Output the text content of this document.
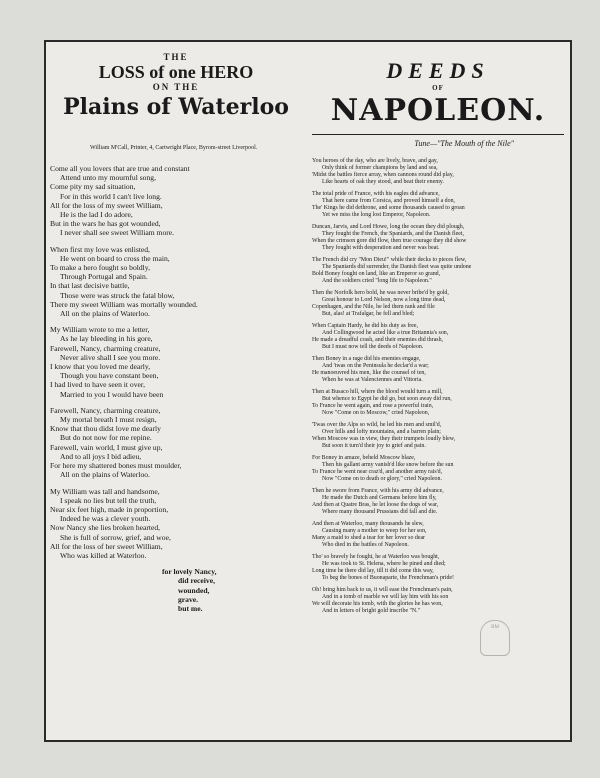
THE

LOSS of one HERO

ON THE

Plains of Waterloo

William M'Call, Printer, 4, Cartwright Place, Byrom-street Liverpool.

Come all you lovers that are true and constant

Attend unto my mournful song,

Come pity my sad situation,

For in this world I can't live long.

All for the loss of my sweet William,

He is the lad I do adore,

But in the wars he has got wounded,

I never shall see sweet William more.

When first my love was enlisted,

He went on board to cross the main,

To make a hero fought so boldly,

Through Portugal and Spain.

In that last decisive battle,

Those were was struck the fatal blow,

There my sweet William was mortally wounded.

All on the plains of Waterloo.

My William wrote to me a letter,

As he lay bleeding in his gore,

Farewell, Nancy, charming creature,

Never alive shall I see you more.

I know that you loved me dearly,

Though you have constant been,

I had lived to have seen it over,

Married to you I would have been

Farewell, Nancy, charming creature,

My mortal breath I must resign,

Know that thou didst love me dearly

But do not now for me repine.

Farewell, vain world, I must give up,

And to all joys I bid adieu,

For here my shattered bones must moulder,

All on the plains of Waterloo.

My William was tall and handsome,

I speak no lies but tell the truth,

Near six feet high, made in proportion,

Indeed he was a clever youth.

Now Nancy she lies broken hearted,

She is full of sorrow, grief, and woe,

All for the loss of her sweet William,

Who was killed at Waterloo.

for lovely Nancy,
did receive,
wounded,
grave.
but me.

DEEDS

OF

NAPOLEON.

Tune—"The Mouth of the Nile"

You heroes of the day, who are lively, brave, and gay,

Only think of former champions by land and sea,

'Midst the battles fierce array, when cannons round did play,

Like hearts of oak they stood, and beat their enemy.

The total pride of France, with his eagles did advance,

That here came from Corsica, and proved himself a don,

The' Kings he did dethrone, and some thousands caused to groan

Yet we miss the long lost Emperor, Napoleon.

Duncan, Jarvis, and Lord Howe, long the ocean they did plough,

They fought the French, the Spaniards, and the Danish fleet,

When the crimson gore did flow, then true courage they did show

They fought with desperation and never was beat.

The French did cry "Mon Dieu!" while their decks to pieces flew,

The Spaniards did surrender, the Danish fleet was quite undone

Bold Boney fought on land, like an Emperor so grand,

And the soldiers cried "long life to Napoleon."

Then the Norfolk hero bold, he was never bribe'd by gold,

Great honour to Lord Nelson, now a long time dead,

Copenhagen, and the Nile, he led them rank and file

But, alas! at Trafalgar, he fell and bled;

When Captain Hardy, he did his duty as free,

And Collingwood he acted like a true Britannia's son,

He made a dreadful crash, and their enemies did thrash,

But I must now tell the deeds of Napoleon.

Then Boney in a rage did his enemies engage,

And 'twas on the Peninsula he declar'd a war;

He manoeuvred his men, like the counsel of ten,

When he was at Valenciennes and Vittoria.

Then at Busaco hill, where the blood would turn a mill,

But whence to Egypt he did go, but soon away did run,

To France he went again, and rose a powerful train,

Now "Come on to Moscow," cried Napoleon,

'Twas over the Alps so wild, he led his men and smil'd,

Over hills and lofty mountains, and a barren plain;

When Moscow was in view, they their trumpets loudly blew,

But soon it turn'd their joy to grief and pain.

For Boney in amaze, beheld Moscow blaze,

Then his gallant army vanish'd like snow before the sun

To France he went near craz'd, and another army rais'd,

Now "Come on to death or glory," cried Napoleon.

Then he swore from France, with his army did advance,

He made the Dutch and Germans before him fly,

And then at Quatre Bras, he let loose the dogs of war,

Where many thousand Prussians did fall and die.

And then at Waterloo, many thousands he slew,

Causing many a mother to weep for her son,

Many a maid to shed a tear for her lover so dear

Who died in the battles of Napoleon.

Tho' so bravely he fought, he at Waterloo was bought,

He was took to St. Helena, where he pined and died;

Long time he there did lay, till it did come this way,

To beg the bones of Buonaparte, the Frenchman's pride!

Oh! bring him back to us, it will ease the Frenchman's pain,

And in a tomb of marble we will lay him with his son

We will decorate his tomb, with the glories he has won,

And in letters of bright gold inscribe "N."

BM
